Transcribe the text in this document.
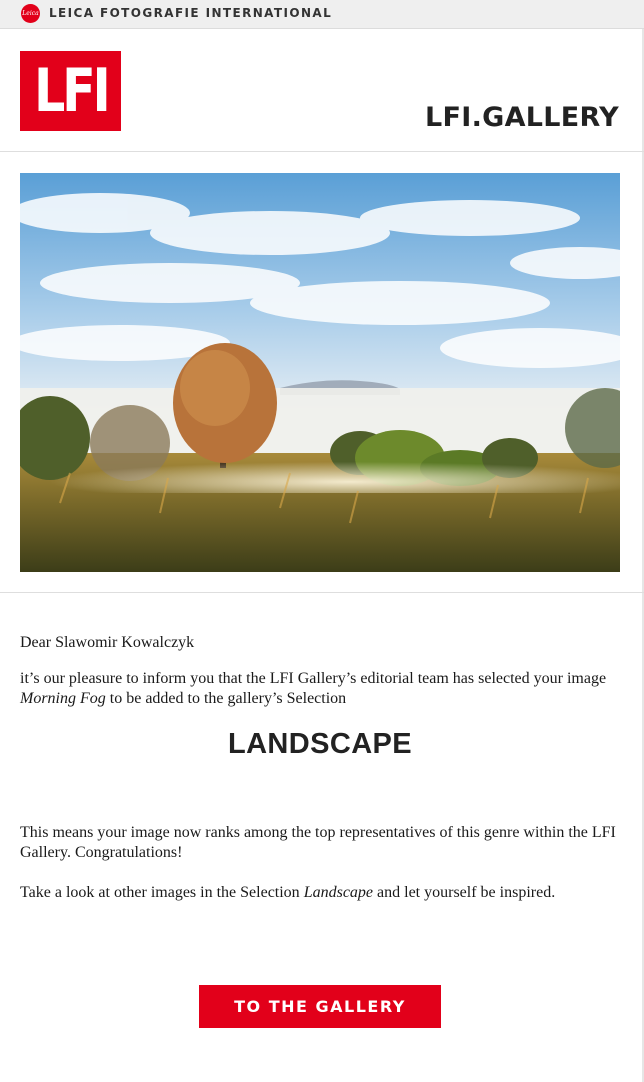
Leica LEICA FOTOGRAFIE INTERNATIONAL
LFI	LFI.GALLERY
Dear Slawomir Kowalczyk
it’s our pleasure to inform you that the LFI Gallery’s editorial team has selected your image Morning Fog to be added to the gallery’s Selection
LANDSCAPE
This means your image now ranks among the top representatives of this genre within the LFI Gallery. Congratulations!
Take a look at other images in the Selection Landscape and let yourself be inspired.
TO THE GALLERY
